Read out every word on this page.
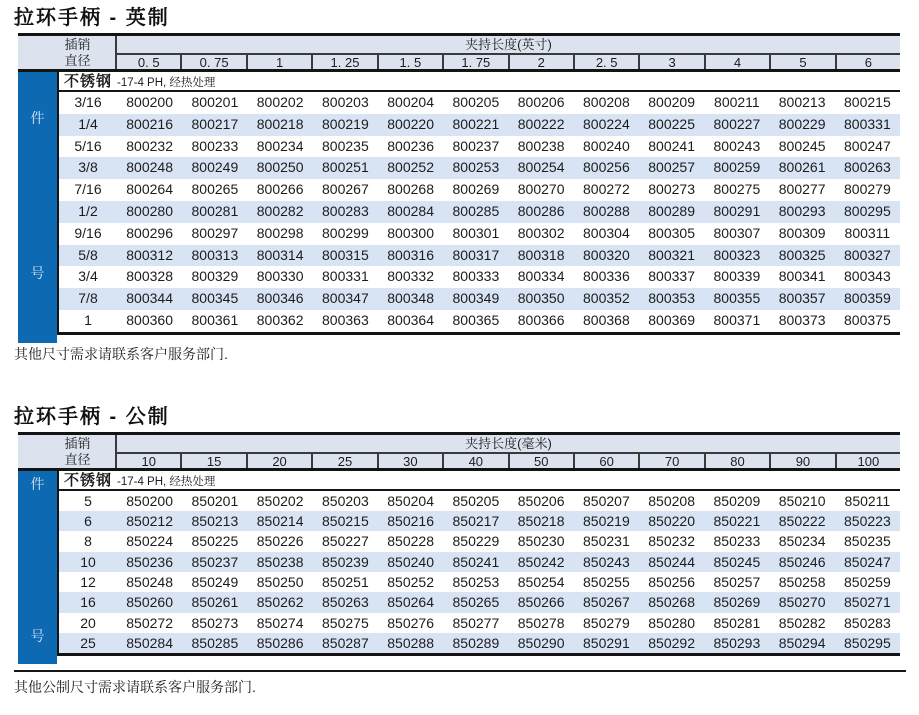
拉环手柄 - 英制
插销
直径
夹持长度(英寸)
0. 5	0. 75	1	1. 25	1. 5	1. 75	2	2. 5	3	4	5	6
件
号
不锈钢 -17-4 PH, 经热处理
3/16	800200	800201	800202	800203	800204	800205	800206	800208	800209	800211	800213	800215
1/4	800216	800217	800218	800219	800220	800221	800222	800224	800225	800227	800229	800331
5/16	800232	800233	800234	800235	800236	800237	800238	800240	800241	800243	800245	800247
3/8	800248	800249	800250	800251	800252	800253	800254	800256	800257	800259	800261	800263
7/16	800264	800265	800266	800267	800268	800269	800270	800272	800273	800275	800277	800279
1/2	800280	800281	800282	800283	800284	800285	800286	800288	800289	800291	800293	800295
9/16	800296	800297	800298	800299	800300	800301	800302	800304	800305	800307	800309	800311
5/8	800312	800313	800314	800315	800316	800317	800318	800320	800321	800323	800325	800327
3/4	800328	800329	800330	800331	800332	800333	800334	800336	800337	800339	800341	800343
7/8	800344	800345	800346	800347	800348	800349	800350	800352	800353	800355	800357	800359
1	800360	800361	800362	800363	800364	800365	800366	800368	800369	800371	800373	800375

其他尺寸需求请联系客户服务部门.

拉环手柄 - 公制
插销
直径
夹持长度(毫米)
10	15	20	25	30	40	50	60	70	80	90	100
件
号
不锈钢 -17-4 PH, 经热处理
5	850200	850201	850202	850203	850204	850205	850206	850207	850208	850209	850210	850211
6	850212	850213	850214	850215	850216	850217	850218	850219	850220	850221	850222	850223
8	850224	850225	850226	850227	850228	850229	850230	850231	850232	850233	850234	850235
10	850236	850237	850238	850239	850240	850241	850242	850243	850244	850245	850246	850247
12	850248	850249	850250	850251	850252	850253	850254	850255	850256	850257	850258	850259
16	850260	850261	850262	850263	850264	850265	850266	850267	850268	850269	850270	850271
20	850272	850273	850274	850275	850276	850277	850278	850279	850280	850281	850282	850283
25	850284	850285	850286	850287	850288	850289	850290	850291	850292	850293	850294	850295

其他公制尺寸需求请联系客户服务部门.
